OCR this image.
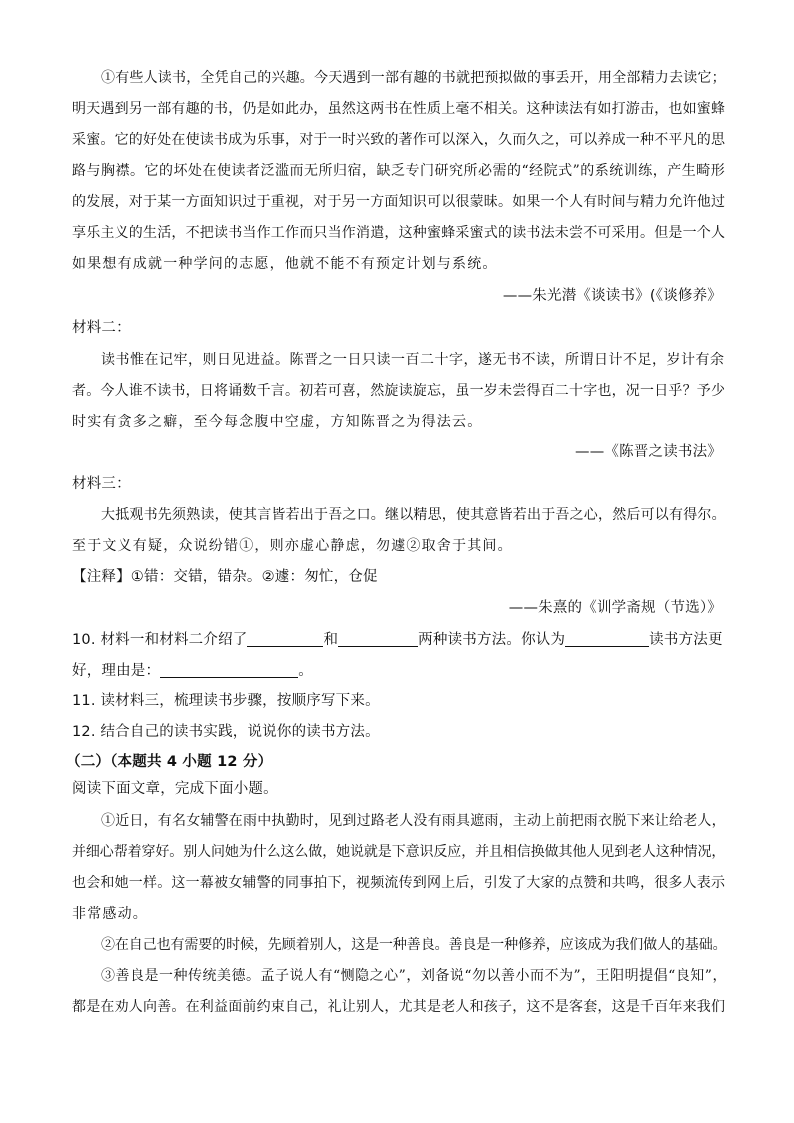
①有些人读书，全凭自己的兴趣。今天遇到一部有趣的书就把预拟做的事丢开，用全部精力去读它；
明天遇到另一部有趣的书，仍是如此办，虽然这两书在性质上毫不相关。这种读法有如打游击，也如蜜蜂
采蜜。它的好处在使读书成为乐事，对于一时兴致的著作可以深入，久而久之，可以养成一种不平凡的思
路与胸襟。它的坏处在使读者泛滥而无所归宿，缺乏专门研究所必需的“经院式”的系统训练，产生畸形
的发展，对于某一方面知识过于重视，对于另一方面知识可以很蒙昧。如果一个人有时间与精力允许他过
享乐主义的生活，不把读书当作工作而只当作消遣，这种蜜蜂采蜜式的读书法未尝不可采用。但是一个人
如果想有成就一种学问的志愿，他就不能不有预定计划与系统。
——朱光潜《谈读书》(《谈修养》
材料二：
读书惟在记牢，则日见进益。陈晋之一日只读一百二十字，遂无书不读，所谓日计不足，岁计有余
者。今人谁不读书，日将诵数千言。初若可喜，然旋读旋忘，虽一岁未尝得百二十字也，况一日乎？予少
时实有贪多之癖，至今每念腹中空虚，方知陈晋之为得法云。
——《陈晋之读书法》
材料三：
大抵观书先须熟读，使其言皆若出于吾之口。继以精思，使其意皆若出于吾之心，然后可以有得尔。
至于文义有疑，众说纷错①，则亦虚心静虑，勿遽②取舍于其间。
【注释】①错：交错，错杂。②遽：匆忙，仓促
——朱熹的《训学斋规（节选）》
10. 材料一和材料二介绍了	和	两种读书方法。你认为	读书方法更
好，理由是：	。
11. 读材料三，梳理读书步骤，按顺序写下来。
12. 结合自己的读书实践，说说你的读书方法。
（二）（本题共 4 小题 12 分）
阅读下面文章，完成下面小题。
①近日，有名女辅警在雨中执勤时，见到过路老人没有雨具遮雨，主动上前把雨衣脱下来让给老人，
并细心帮着穿好。别人问她为什么这么做，她说就是下意识反应，并且相信换做其他人见到老人这种情况，
也会和她一样。这一幕被女辅警的同事拍下，视频流传到网上后，引发了大家的点赞和共鸣，很多人表示
非常感动。
②在自己也有需要的时候，先顾着别人，这是一种善良。善良是一种修养，应该成为我们做人的基础。
③善良是一种传统美德。孟子说人有“恻隐之心”，刘备说“勿以善小而不为”，王阳明提倡“良知”，
都是在劝人向善。在利益面前约束自己，礼让别人，尤其是老人和孩子，这不是客套，这是千百年来我们
